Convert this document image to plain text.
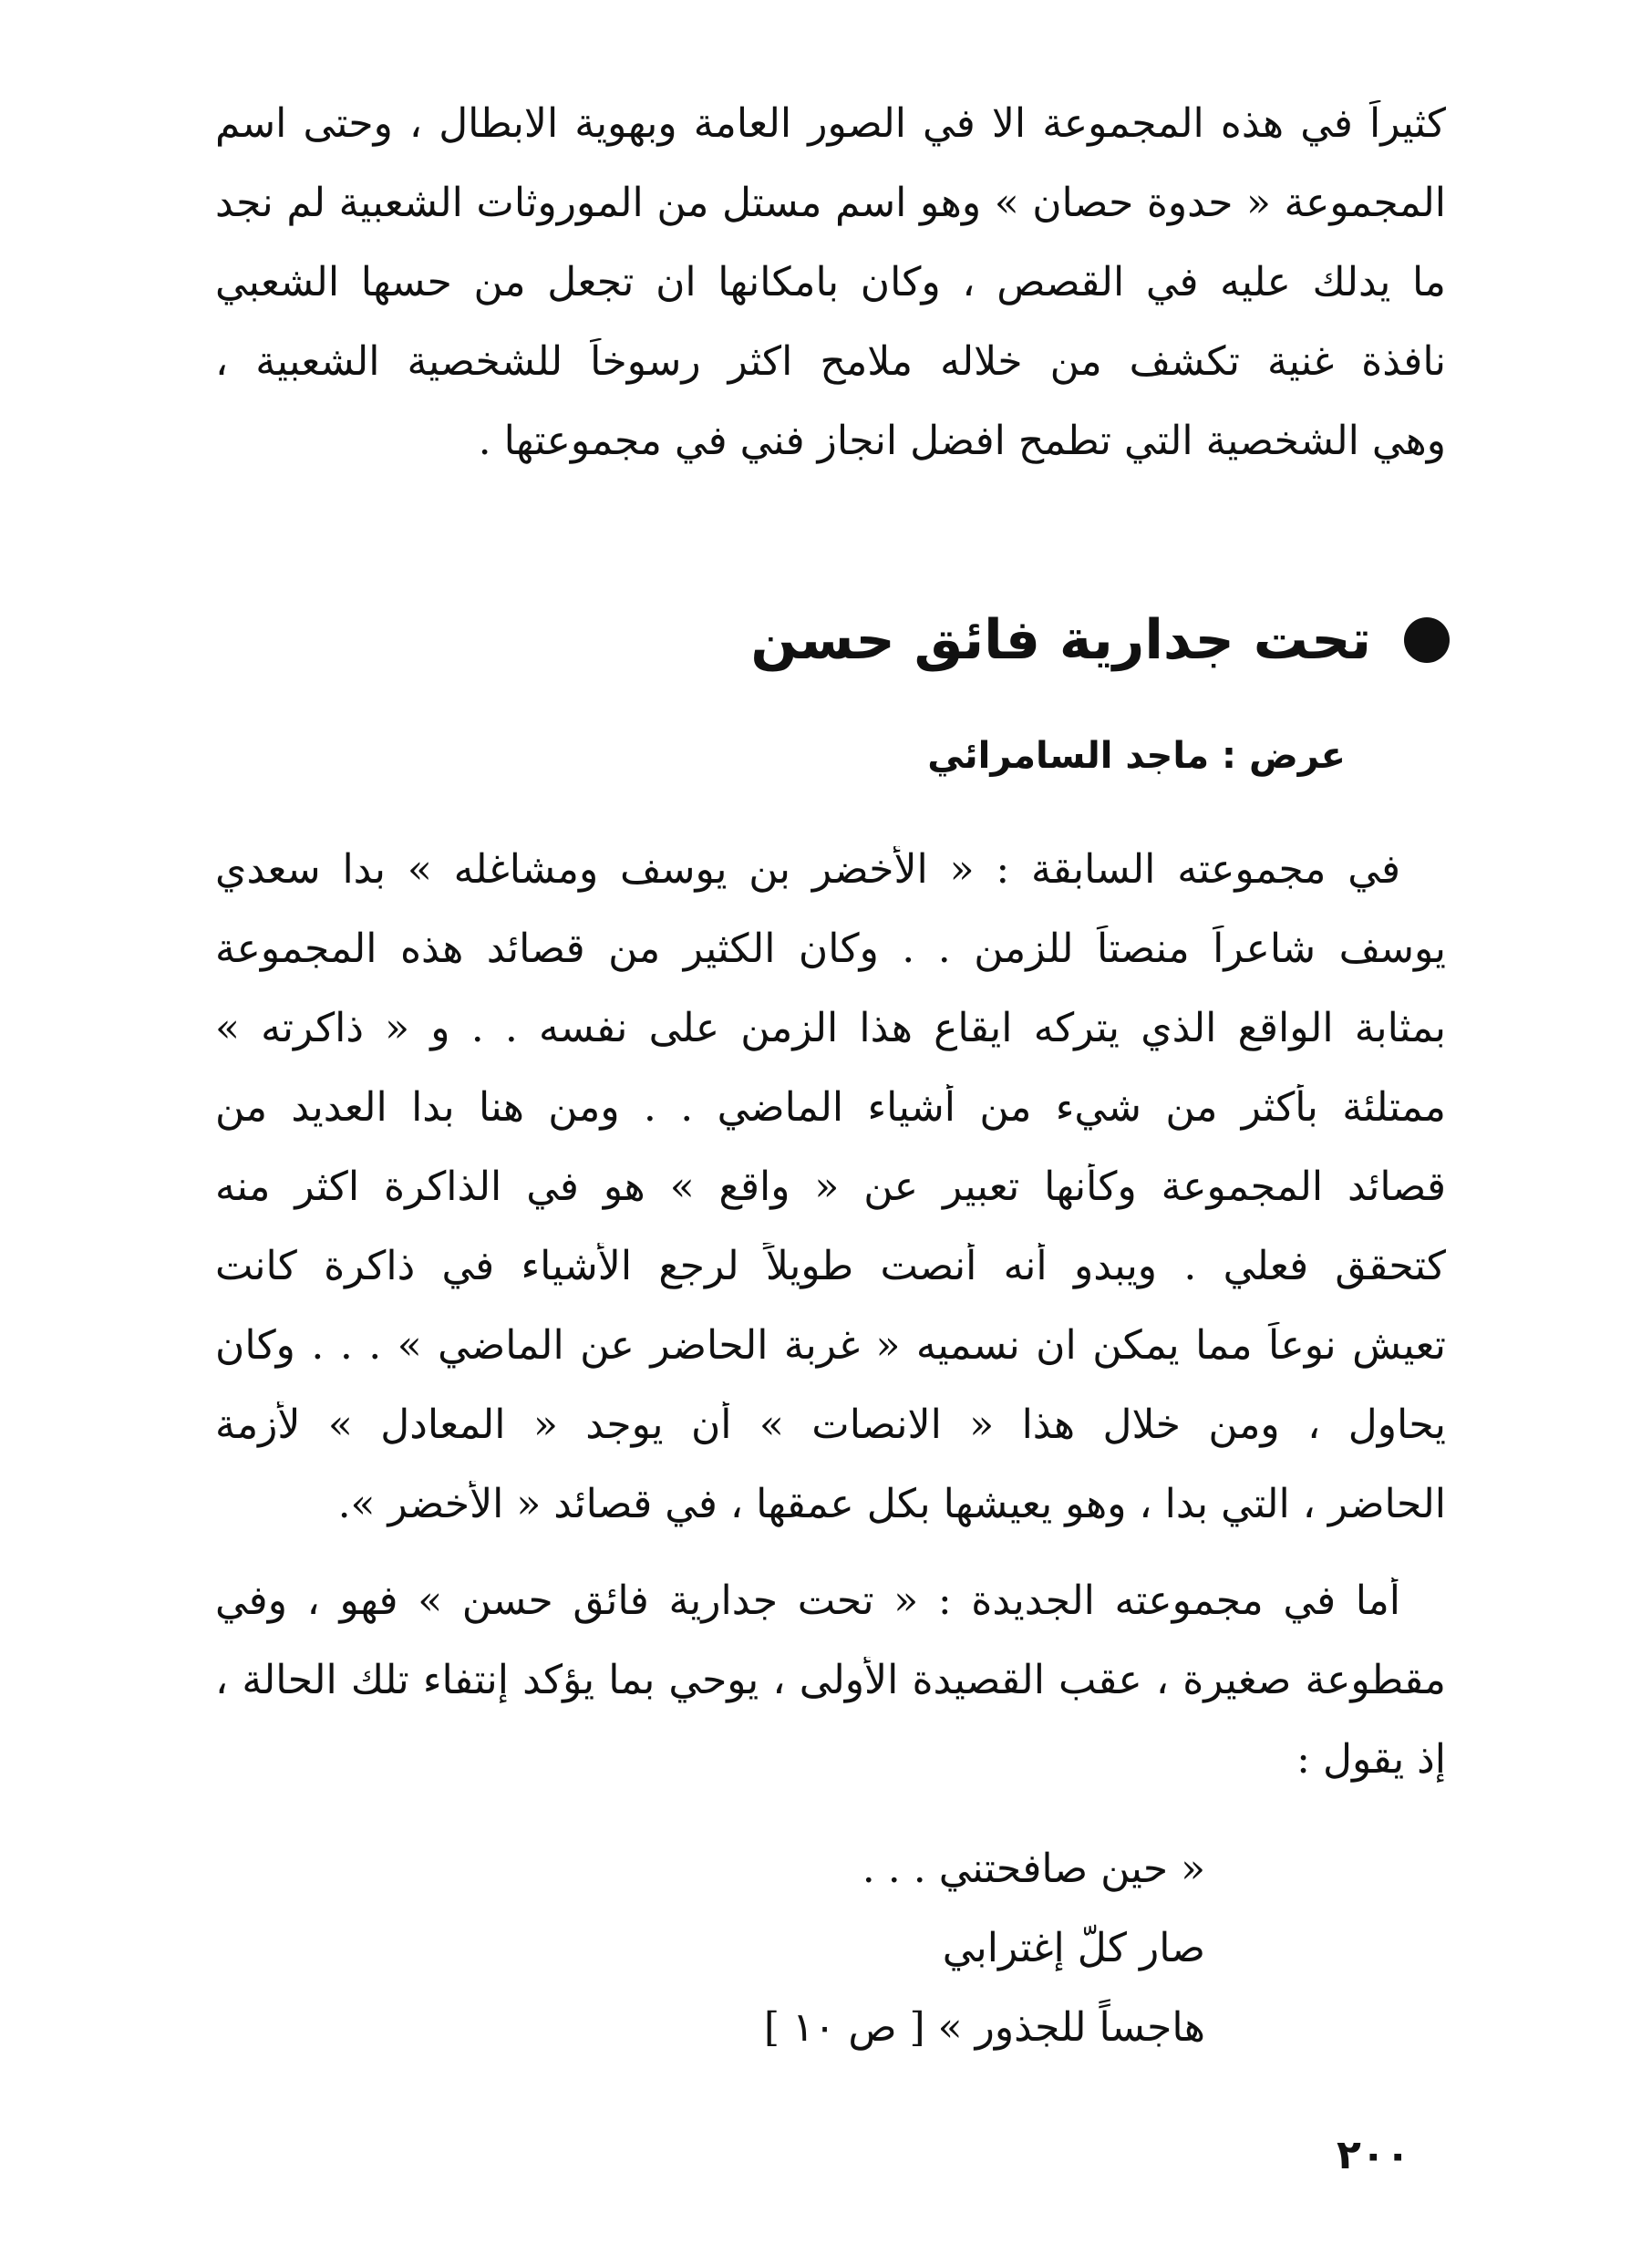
كثيراً في هذه المجموعة الا في الصور العامة وبهوية الابطال ، وحتى اسم
المجموعة « حدوة حصان » وهو اسم مستل من الموروثات الشعبية لم نجد
ما يدلك عليه في القصص ، وكان بامكانها ان تجعل من حسها الشعبي
نافذة غنية تكشف من خلاله ملامح اكثر رسوخاً للشخصية الشعبية ،
وهي الشخصية التي تطمح افضل انجاز فني في مجموعتها .
تحت جدارية فائق حسن
عرض : ماجد السامرائي
في مجموعته السابقة : « الأخضر بن يوسف ومشاغله » بدا سعدي
يوسف شاعراً منصتاً للزمن . . وكان الكثير من قصائد هذه المجموعة
بمثابة الواقع الذي يتركه ايقاع هذا الزمن على نفسه . . و « ذاكرته »
ممتلئة بأكثر من شيء من أشياء الماضي . . ومن هنا بدا العديد من
قصائد المجموعة وكأنها تعبير عن « واقع » هو في الذاكرة اكثر منه
كتحقق فعلي . ويبدو أنه أنصت طويلاً لرجع الأشياء في ذاكرة كانت
تعيش نوعاً مما يمكن ان نسميه « غربة الحاضر عن الماضي » . . . وكان
يحاول ، ومن خلال هذا « الانصات » أن يوجد « المعادل » لأزمة
الحاضر ، التي بدا ، وهو يعيشها بكل عمقها ، في قصائد « الأخضر ».
أما في مجموعته الجديدة : « تحت جدارية فائق حسن » فهو ، وفي
مقطوعة صغيرة ، عقب القصيدة الأولى ، يوحي بما يؤكد إنتفاء تلك الحالة ،
إذ يقول :
« حين صافحتني . . .
صار كلّ إغترابي
هاجساً للجذور » [ ص ١٠ ]
٢٠٠
